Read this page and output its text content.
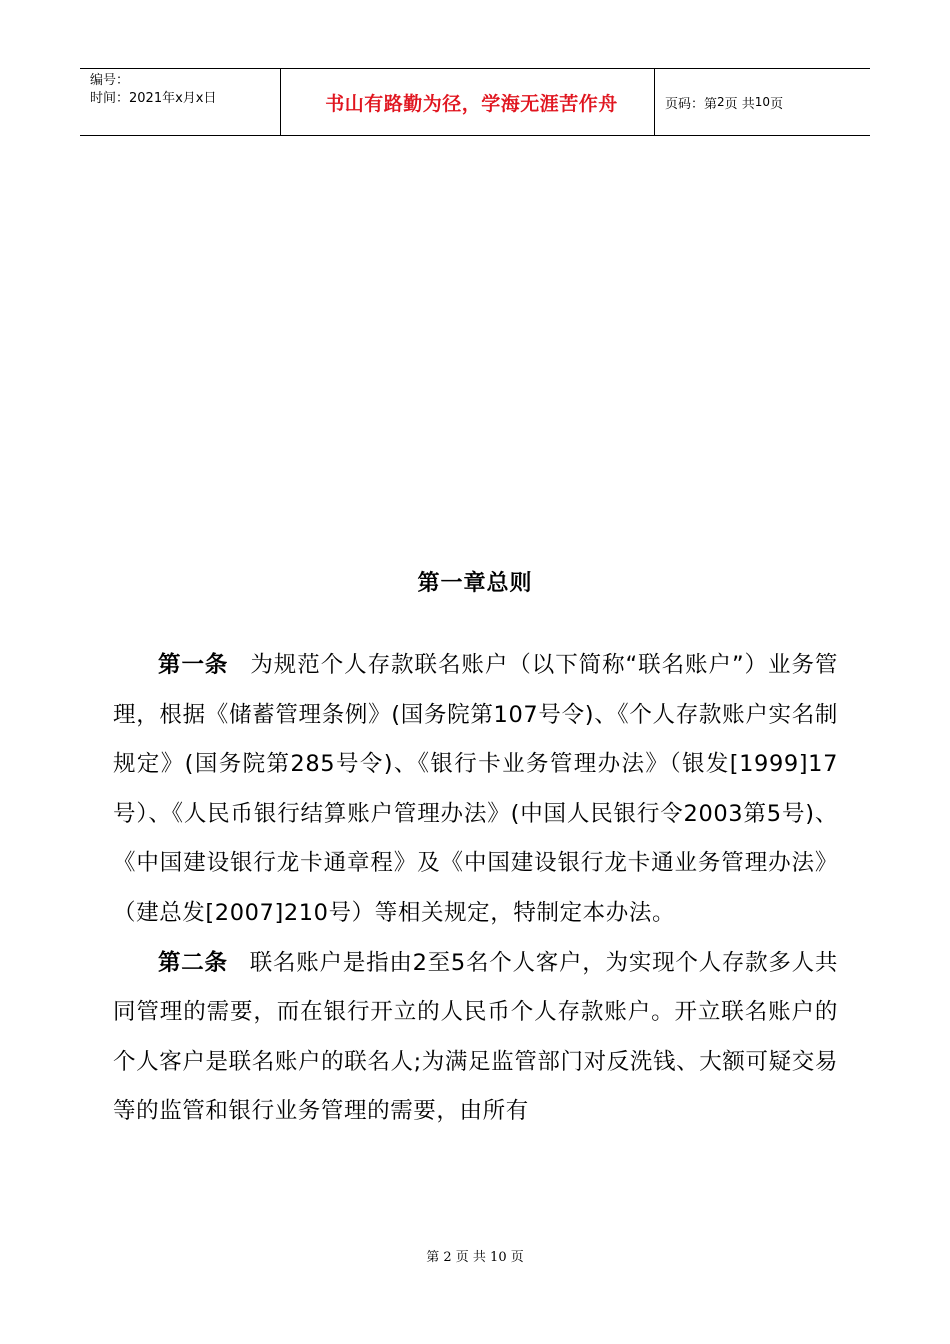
编号：
时间：2021年x月x日	书山有路勤为径，学海无涯苦作舟	页码：第 2 页 共 10 页
第一章总则

第一条 为规范个人存款联名账户（以下简称“联名账户”）业务管理，根据《储蓄管理条例》(国务院第107号令)、《个人存款账户实名制规定》(国务院第285号令)、《银行卡业务管理办法》（银发[1999]17号）、《人民币银行结算账户管理办法》(中国人民银行令2003第5号)、《中国建设银行龙卡通章程》及《中国建设银行龙卡通业务管理办法》（建总发[2007]210号）等相关规定，特制定本办法。

第二条 联名账户是指由2至5名个人客户，为实现个人存款多人共同管理的需要，而在银行开立的人民币个人存款账户。开立联名账户的个人客户是联名账户的联名人;为满足监管部门对反洗钱、大额可疑交易等的监管和银行业务管理的需要，由所有

第 2 页 共 10 页
